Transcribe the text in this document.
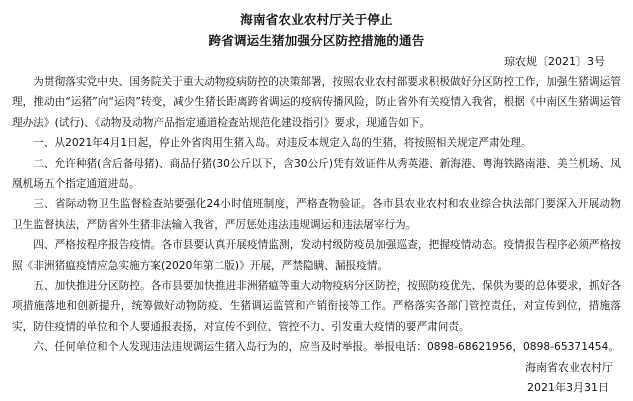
海南省农业农村厅关于停止
跨省调运生猪加强分区防控措施的通告
琼农规〔2021〕3号

为贯彻落实党中央、国务院关于重大动物疫病防控的决策部署，按照农业农村部要求积极做好分区防控工作，加强生猪调运管理，推动由“运猪”向“运肉”转变，减少生猪长距离跨省调运的疫病传播风险，防止省外有关疫情入我省，根据《中南区生猪调运管理办法》(试行)、《动物及动物产品指定通道检查站规范化建设指引》要求，现通告如下。

一、从2021年4月1日起，停止外省肉用生猪入岛。对违反本规定入岛的生猪，将按照相关规定严肃处理。

二、允许种猪(含后备母猪)、商品仔猪(30公斤以下，含30公斤)凭有效证件从秀英港、新海港、粤海铁路南港、美兰机场、凤凰机场五个指定通道进岛。

三、省际动物卫生监督检查站要强化24小时值班制度，严格查物验证。各市县农业农村和农业综合执法部门要深入开展动物卫生监督执法，严防省外生猪非法输入我省，严厉惩处违法违规调运和违法屠宰行为。

四、严格按程序报告疫情。各市县要认真开展疫情监测，发动村级防疫员加强巡查，把握疫情动态。疫情报告程序必须严格按照《非洲猪瘟疫情应急实施方案(2020年第二版)》开展，严禁隐瞒、漏报疫情。

五、加快推进分区防控。各市县要加快推进非洲猪瘟等重大动物疫病分区防控，按照防疫优先、保供为要的总体要求，抓好各项措施落地和创新提升，统筹做好动物防疫、生猪调运监管和产销衔接等工作。严格落实各部门管控责任，对宣传到位，措施落实，防住疫情的单位和个人要通报表扬，对宣传不到位、管控不力、引发重大疫情的要严肃问责。

六、任何单位和个人发现违法违规调运生猪入岛行为的，应当及时举报。举报电话：0898-68621956，0898-65371454。

海南省农业农村厅
2021年3月31日
